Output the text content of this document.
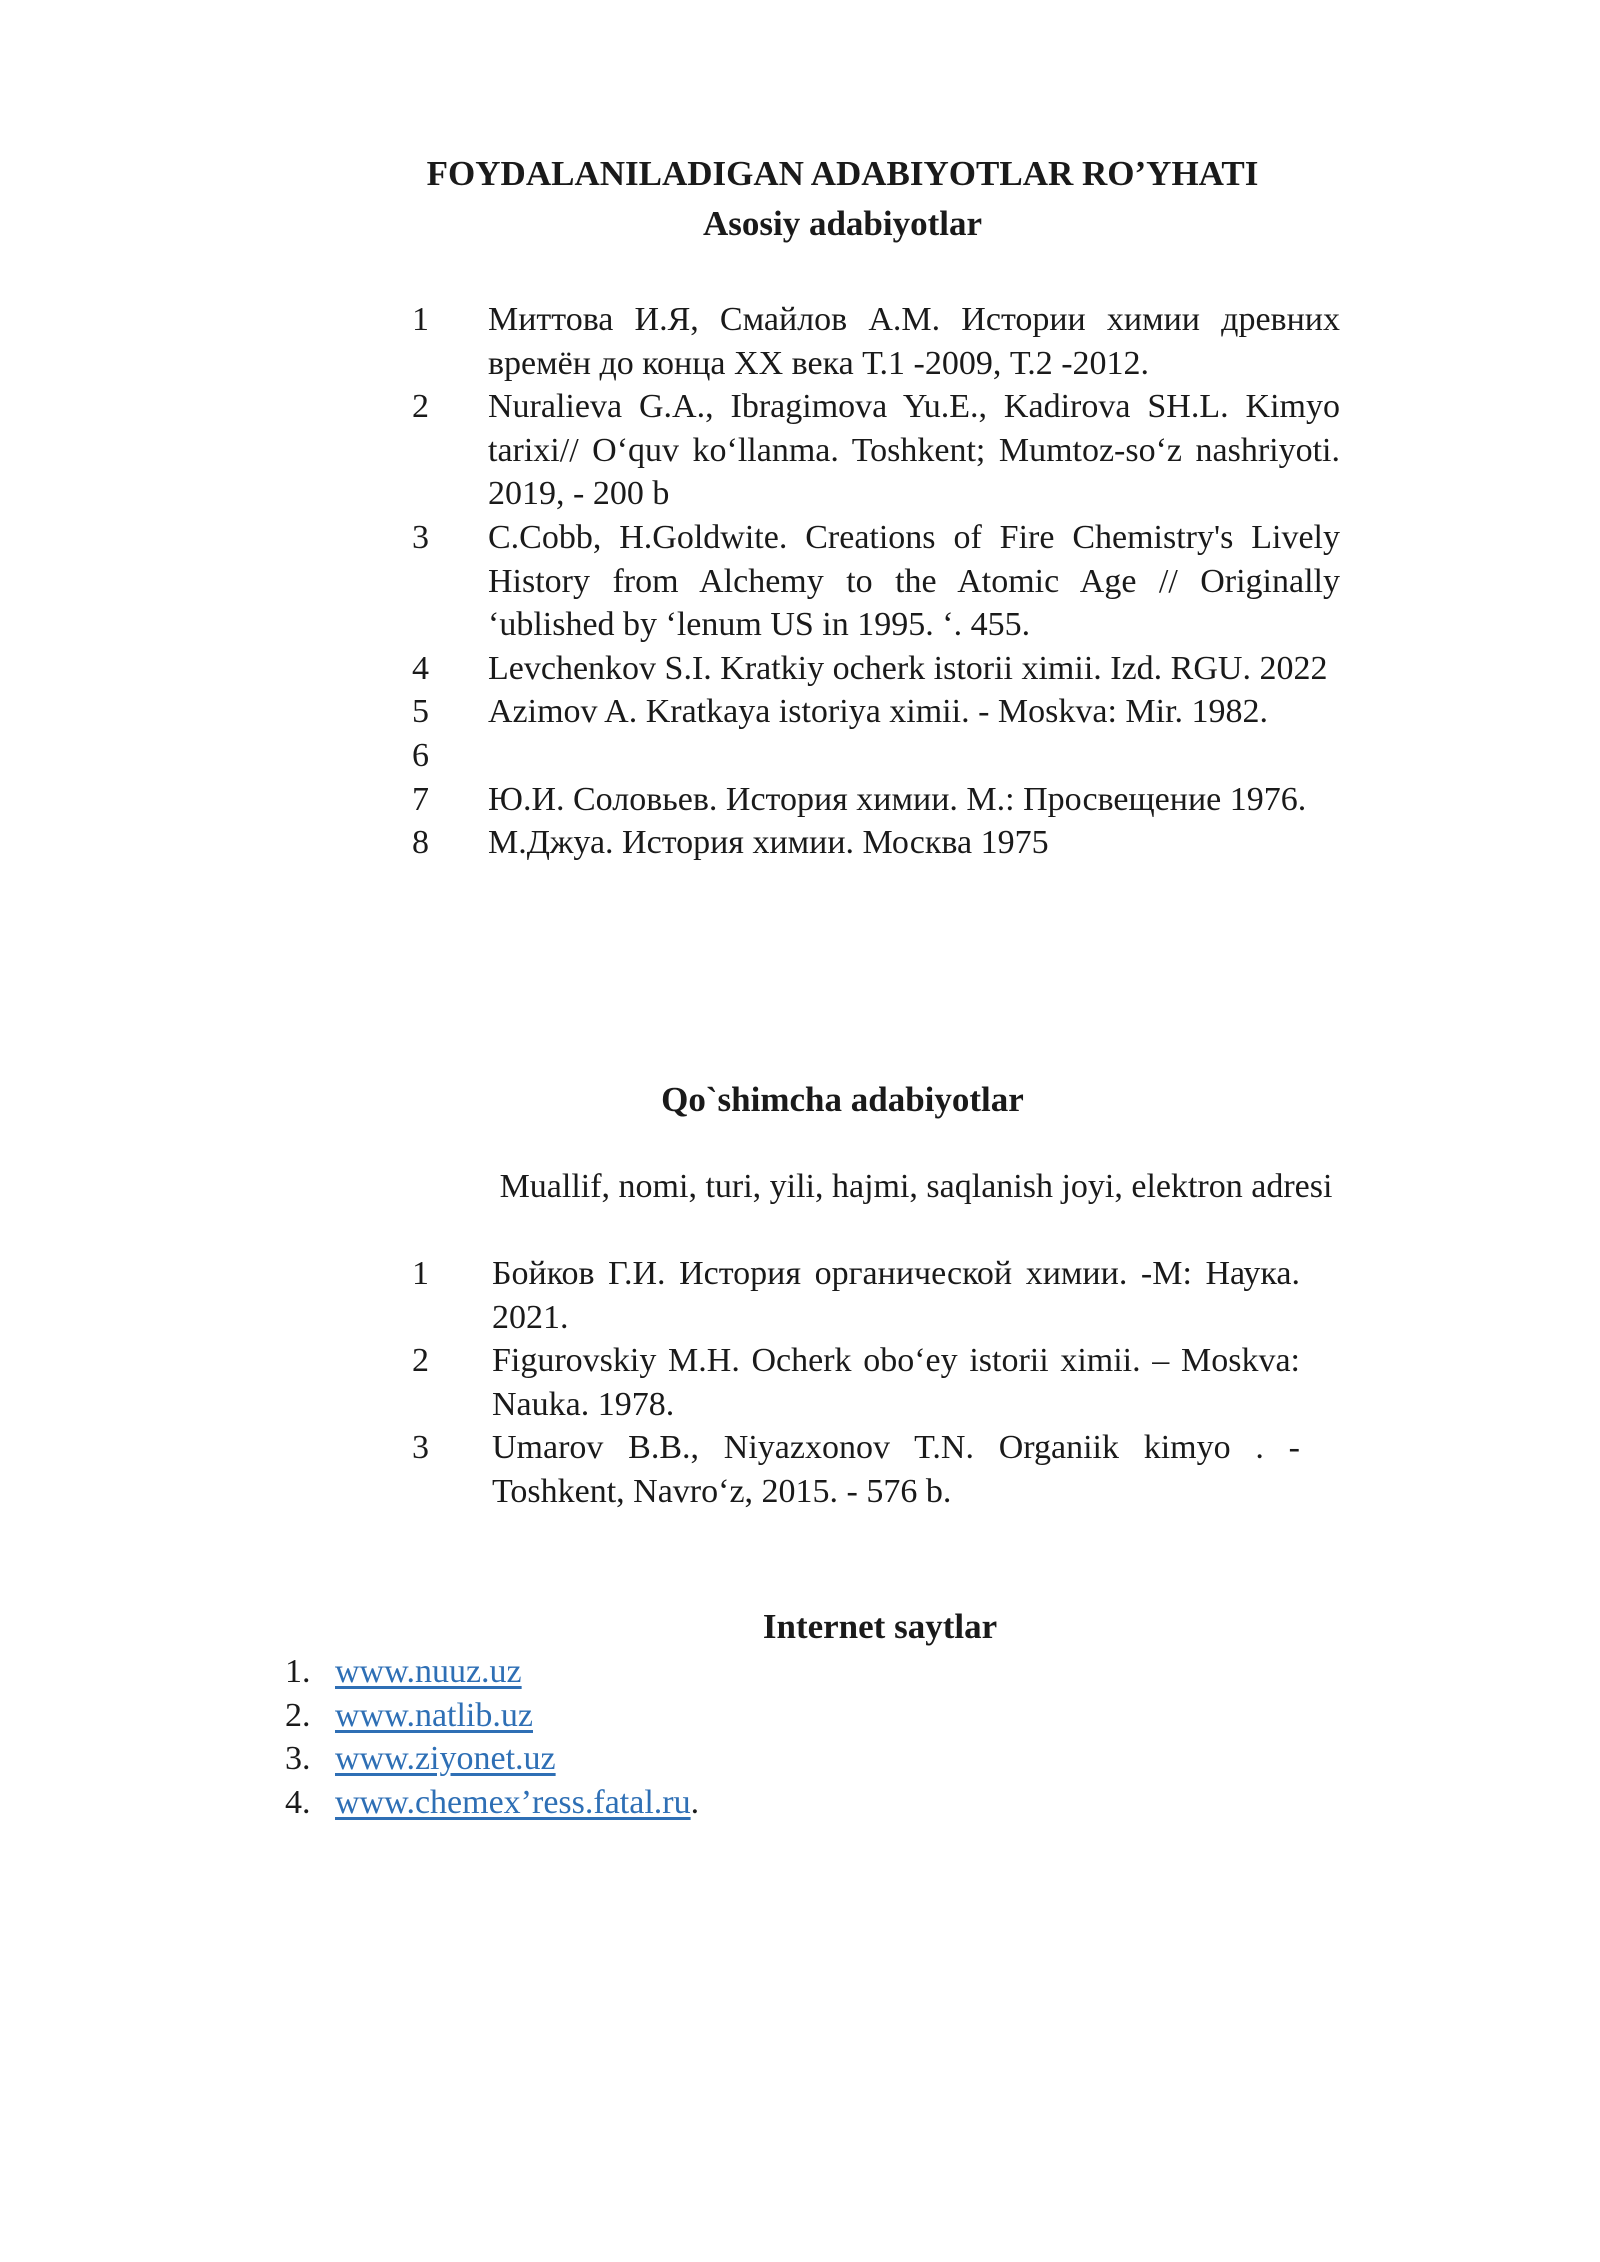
FOYDALANILADIGAN ADABIYOTLAR RO’YHATI
Asosiy adabiyotlar
1	Миттова И.Я, Смайлов А.М. Истории химии древних времён до конца XX века Т.1 -2009, Т.2 -2012.
2	Nuralieva G.A., Ibragimova Yu.E., Kadirova SH.L. Kimyo tarixi// O‘quv ko‘llanma. Toshkent; Mumtoz-so‘z nashriyoti. 2019, - 200 b
3	C.Cobb, H.Goldwite. Creations of Fire Chemistry's Lively History from Alchemy to the Atomic Age // Originally ‘ublished by ‘lenum US in 1995. ‘. 455.
4	Levchenkov S.I. Kratkiy ocherk istorii ximii. Izd. RGU. 2022
5	Azimov A. Kratkaya istoriya ximii. - Moskva: Mir. 1982.
6
7	Ю.И. Соловьев. История химии. М.: Просвещение 1976.
8	М.Джуа. История химии. Москва 1975
Qo`shimcha adabiyotlar
Muallif, nomi, turi, yili, hajmi, saqlanish joyi, elektron adresi
1	Бойков Г.И. История органической химии. -М: Наука. 2021.
2	Figurovskiy M.H. Ocherk obo‘ey istorii ximii. – Moskva: Nauka. 1978.
3	Umarov B.B., Niyazxonov T.N. Organiik kimyo . - Toshkent, Navro‘z, 2015. - 576 b.
Internet saytlar
1. www.nuuz.uz
2. www.natlib.uz
3. www.ziyonet.uz
4. www.chemex’ress.fatal.ru.
